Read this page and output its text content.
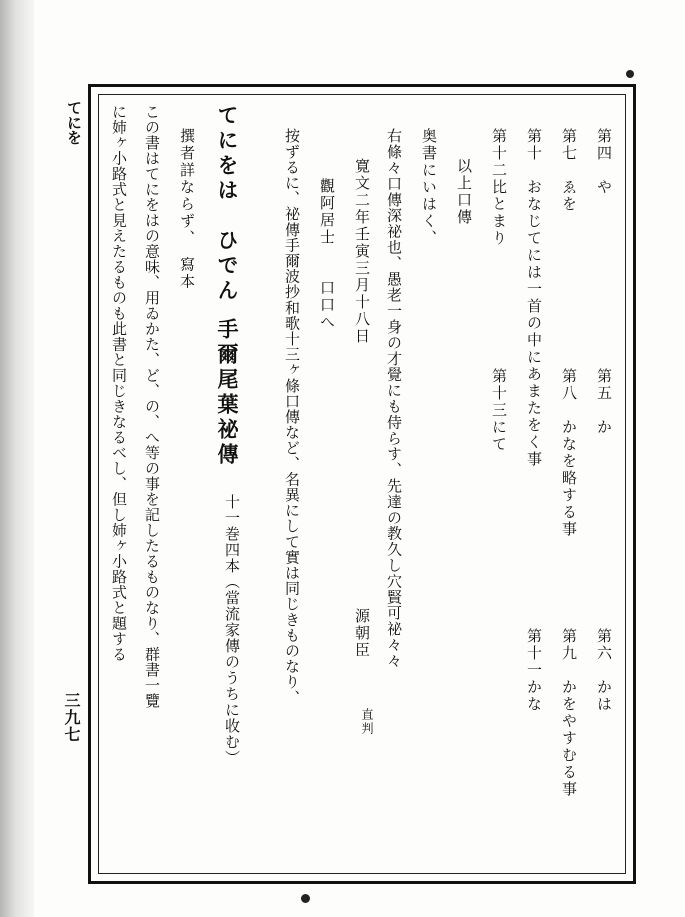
てにを
三九七
第四　や
第五　か
第六　かは
第七　ゑを
第八　かなを略する事
第九　かをやすむる事
第十　おなじてには一首の中にあまたをく事
第十一かな
第十二比とまり
第十三にて
以上口傳
奥書にいはく、
右條々口傳深祕也、愚老一身の才覺にも侍らす、先達の教久し穴賢可祕々々
寛文二年壬寅三月十八日
源朝臣
直判
觀阿居士　　口口へ
按ずるに、祕傳手爾波抄和歌十三ヶ條口傳など、名異にして實は同じきものなり、
てにをは　ひでん
手爾尾葉祕傳
十一巻四本（當流家傳のうちに收む）
撰者詳ならず、　寫本
この書はてにをはの意味、用ゐかた、ど、の、へ等の事を記したるものなり、群書一覽
に姉ヶ小路式と見えたるものも此書と同じきなるべし、但し姉ヶ小路式と題する
